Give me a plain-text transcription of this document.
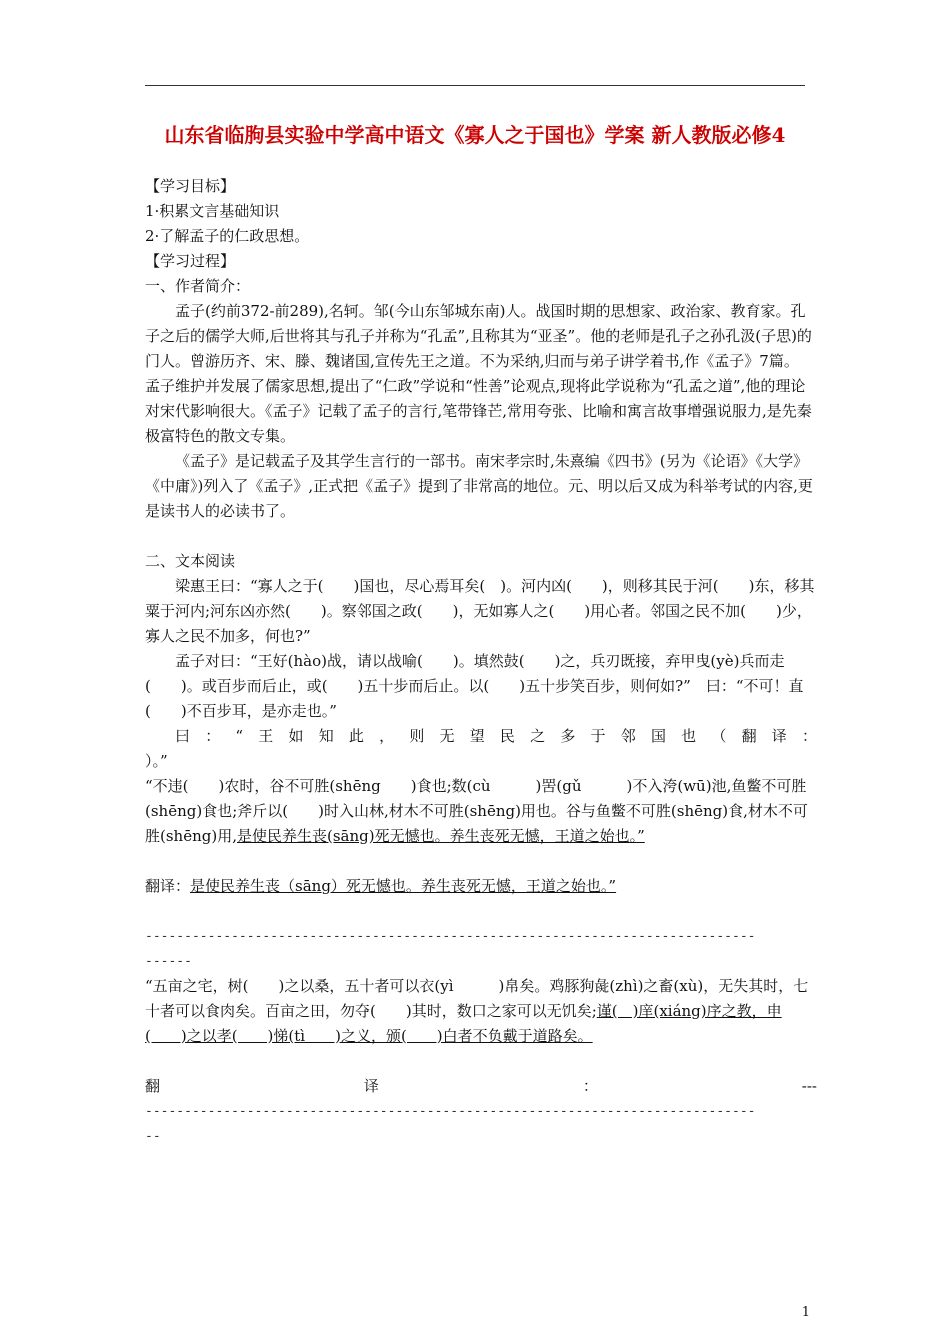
山东省临朐县实验中学高中语文《寡人之于国也》学案 新人教版必修4

【学习目标】

1·积累文言基础知识

2·了解孟子的仁政思想。

【学习过程】

一、作者简介：

孟子(约前372-前289),名轲。邹(今山东邹城东南)人。战国时期的思想家、政治家、教育家。孔子之后的儒学大师,后世将其与孔子并称为“孔孟”,且称其为“亚圣”。他的老师是孔子之孙孔汲(子思)的门人。曾游历齐、宋、滕、魏诸国,宣传先王之道。不为采纳,归而与弟子讲学着书,作《孟子》7篇。

孟子维护并发展了儒家思想,提出了“仁政”学说和“性善”论观点,现将此学说称为“孔孟之道”,他的理论对宋代影响很大。《孟子》记载了孟子的言行,笔带锋芒,常用夸张、比喻和寓言故事增强说服力,是先秦极富特色的散文专集。

《孟子》是记载孟子及其学生言行的一部书。南宋孝宗时,朱熹编《四书》(另为《论语》《大学》《中庸》)列入了《孟子》,正式把《孟子》提到了非常高的地位。元、明以后又成为科举考试的内容,更是读书人的必读书了。

二、文本阅读

梁惠王曰：“寡人之于(　　)国也，尽心焉耳矣(　)。河内凶(　　)，则移其民于河(　　)东，移其粟于河内;河东凶亦然(　　)。察邻国之政(　　)，无如寡人之(　　)用心者。邻国之民不加(　　)少，寡人之民不加多，何也?”

孟子对曰：“王好(hào)战，请以战喻(　　)。填然鼓(　　)之，兵刃既接，弃甲曳(yè)兵而走(　　)。或百步而后止，或(　　)五十步而后止。以(　　)五十步笑百步，则何如?”　曰：“不可！直(　　)不百步耳，是亦走也。”

曰：“王如知此，则无望民之多于邻国也（翻译：

）。”

“不违(　　)农时，谷不可胜(shēng　　)食也;数(cù　　　)罟(gǔ　　　)不入洿(wū)池,鱼鳖不可胜(shēng)食也;斧斤以(　　)时入山林,材木不可胜(shēng)用也。谷与鱼鳖不可胜(shēng)食,材木不可胜(shēng)用,是使民养生丧(sāng)死无憾也。养生丧死无憾，王道之始也。”

翻译：是使民养生丧（sāng）死无憾也。养生丧死无憾，王道之始也。”

------------------------------------------------------------------------------

------

“五亩之宅，树(　　)之以桑，五十者可以衣(yì　　　)帛矣。鸡豚狗彘(zhì)之畜(xù)，无失其时，七十者可以食肉矣。百亩之田，勿夺(　　)其时，数口之家可以无饥矣;谨(　)庠(xiáng)序之教，申(　　)之以孝(　　)悌(tì　　)之义，颁(　　)白者不负戴于道路矣。

翻	译	：	---

------------------------------------------------------------------------------

--

1
